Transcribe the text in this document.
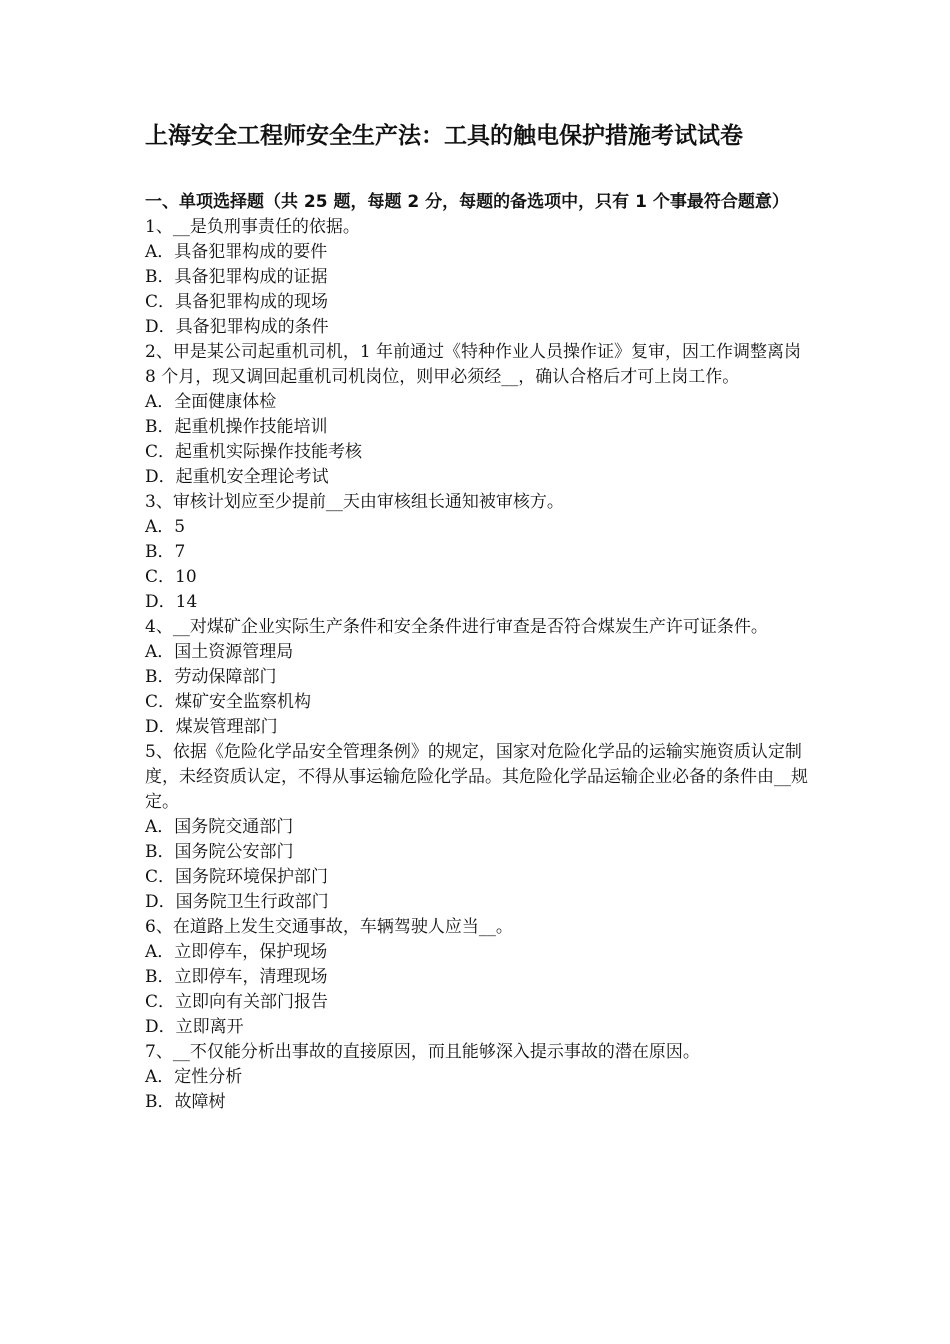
上海安全工程师安全生产法：工具的触电保护措施考试试卷

一、单项选择题（共 25 题，每题 2 分，每题的备选项中，只有 1 个事最符合题意）

1、__是负刑事责任的依据。

A．具备犯罪构成的要件

B．具备犯罪构成的证据

C．具备犯罪构成的现场

D．具备犯罪构成的条件

2、甲是某公司起重机司机，1 年前通过《特种作业人员操作证》复审，因工作调整离岗 8 个月，现又调回起重机司机岗位，则甲必须经__，确认合格后才可上岗工作。

A．全面健康体检

B．起重机操作技能培训

C．起重机实际操作技能考核

D．起重机安全理论考试

3、审核计划应至少提前__天由审核组长通知被审核方。

A．5

B．7

C．10

D．14

4、__对煤矿企业实际生产条件和安全条件进行审查是否符合煤炭生产许可证条件。

A．国土资源管理局

B．劳动保障部门

C．煤矿安全监察机构

D．煤炭管理部门

5、依据《危险化学品安全管理条例》的规定，国家对危险化学品的运输实施资质认定制度，未经资质认定，不得从事运输危险化学品。其危险化学品运输企业必备的条件由__规定。

A．国务院交通部门

B．国务院公安部门

C．国务院环境保护部门

D．国务院卫生行政部门

6、在道路上发生交通事故，车辆驾驶人应当__。

A．立即停车，保护现场

B．立即停车，清理现场

C．立即向有关部门报告

D．立即离开

7、__不仅能分析出事故的直接原因，而且能够深入提示事故的潜在原因。

A．定性分析

B．故障树
